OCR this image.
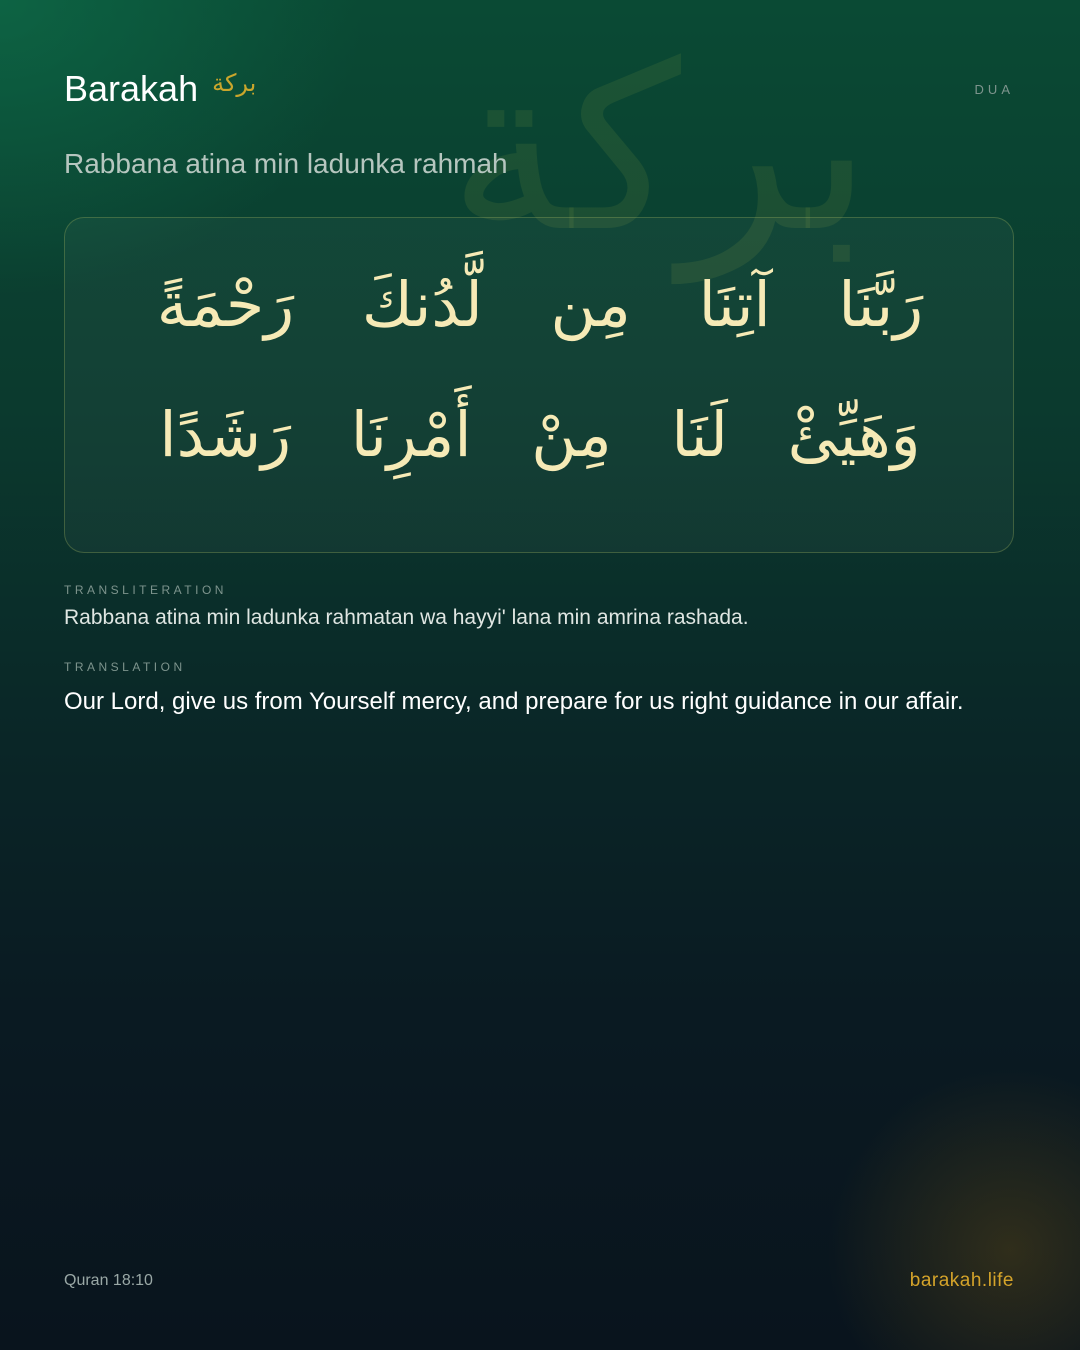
بركة
Barakah بركة	DUA
Rabbana atina min ladunka rahmah
رَبَّنَا آتِنَا مِن لَّدُنكَ رَحْمَةً
وَهَيِّئْ لَنَا مِنْ أَمْرِنَا رَشَدًا
TRANSLITERATION
Rabbana atina min ladunka rahmatan wa hayyi' lana min amrina rashada.
TRANSLATION
Our Lord, give us from Yourself mercy, and prepare for us right guidance in our affair.
Quran 18:10	barakah.life
